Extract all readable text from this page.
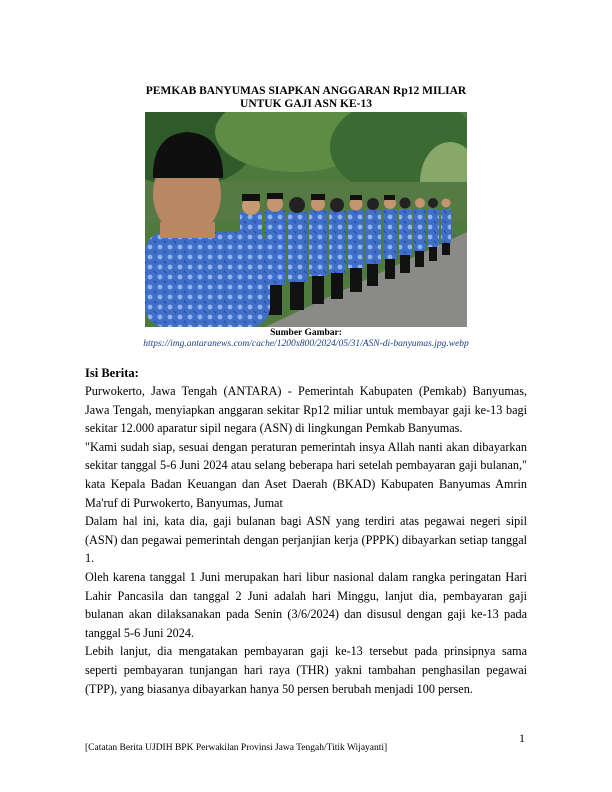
PEMKAB BANYUMAS SIAPKAN ANGGARAN Rp12 MILIAR
UNTUK GAJI ASN KE-13
Sumber Gambar:
https://img.antaranews.com/cache/1200x800/2024/05/31/ASN-di-banyumas.jpg.webp
Isi Berita:

Purwokerto, Jawa Tengah (ANTARA) - Pemerintah Kabupaten (Pemkab) Banyumas, Jawa Tengah, menyiapkan anggaran sekitar Rp12 miliar untuk membayar gaji ke-13 bagi sekitar 12.000 aparatur sipil negara (ASN) di lingkungan Pemkab Banyumas.

"Kami sudah siap, sesuai dengan peraturan pemerintah insya Allah nanti akan dibayarkan sekitar tanggal 5-6 Juni 2024 atau selang beberapa hari setelah pembayaran gaji bulanan," kata Kepala Badan Keuangan dan Aset Daerah (BKAD) Kabupaten Banyumas Amrin Ma'ruf di Purwokerto, Banyumas, Jumat

Dalam hal ini, kata dia, gaji bulanan bagi ASN yang terdiri atas pegawai negeri sipil (ASN) dan pegawai pemerintah dengan perjanjian kerja (PPPK) dibayarkan setiap tanggal 1.

Oleh karena tanggal 1 Juni merupakan hari libur nasional dalam rangka peringatan Hari Lahir Pancasila dan tanggal 2 Juni adalah hari Minggu, lanjut dia, pembayaran gaji bulanan akan dilaksanakan pada Senin (3/6/2024) dan disusul dengan gaji ke-13 pada tanggal 5-6 Juni 2024.

Lebih lanjut, dia mengatakan pembayaran gaji ke-13 tersebut pada prinsipnya sama seperti pembayaran tunjangan hari raya (THR) yakni tambahan penghasilan pegawai (TPP), yang biasanya dibayarkan hanya 50 persen berubah menjadi 100 persen.

1
[Catatan Berita UJDIH BPK Perwakilan Provinsi Jawa Tengah/Titik Wijayanti]
